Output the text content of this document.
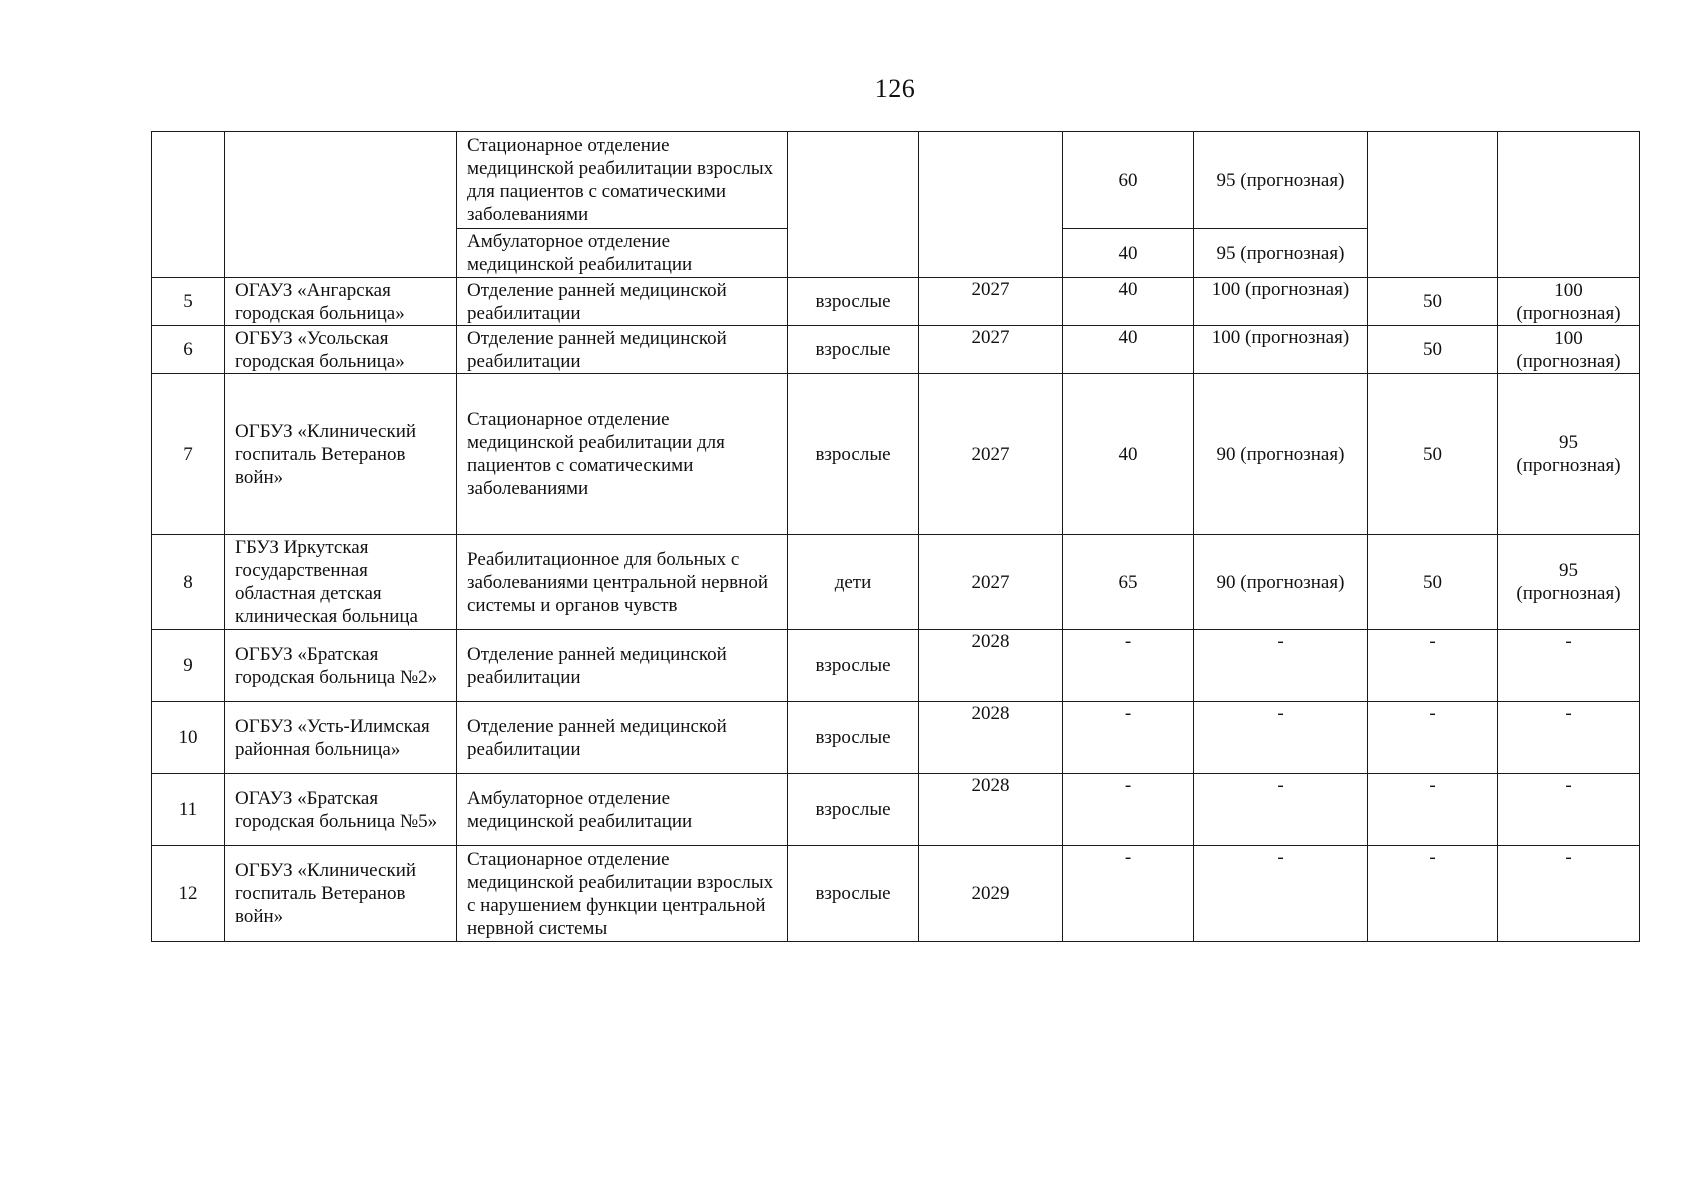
126
		Стационарное отделение медицинской реабилитации взрослых для пациентов с соматическими заболеваниями			60	95 (прогнозная)		
		Амбулаторное отделение медицинской реабилитации			40	95 (прогнозная)		
5	ОГАУЗ «Ангарская городская больница»	Отделение ранней медицинской реабилитации	взрослые	2027	40	100 (прогнозная)	50	100 (прогнозная)
6	ОГБУЗ «Усольская городская больница»	Отделение ранней медицинской реабилитации	взрослые	2027	40	100 (прогнозная)	50	100 (прогнозная)
7	ОГБУЗ «Клинический госпиталь Ветеранов войн»	Стационарное отделение медицинской реабилитации для пациентов с соматическими заболеваниями	взрослые	2027	40	90 (прогнозная)	50	95 (прогнозная)
8	ГБУЗ Иркутская государственная областная детская клиническая больница	Реабилитационное для больных с заболеваниями центральной нервной системы и органов чувств	дети	2027	65	90 (прогнозная)	50	95 (прогнозная)
9	ОГБУЗ «Братская городская больница №2»	Отделение ранней медицинской реабилитации	взрослые	2028	-	-	-	-
10	ОГБУЗ «Усть-Илимская районная больница»	Отделение ранней медицинской реабилитации	взрослые	2028	-	-	-	-
11	ОГАУЗ «Братская городская больница №5»	Амбулаторное отделение медицинской реабилитации	взрослые	2028	-	-	-	-
12	ОГБУЗ «Клинический госпиталь Ветеранов войн»	Стационарное отделение медицинской реабилитации взрослых с нарушением функции центральной нервной системы	взрослые	2029	-	-	-	-
